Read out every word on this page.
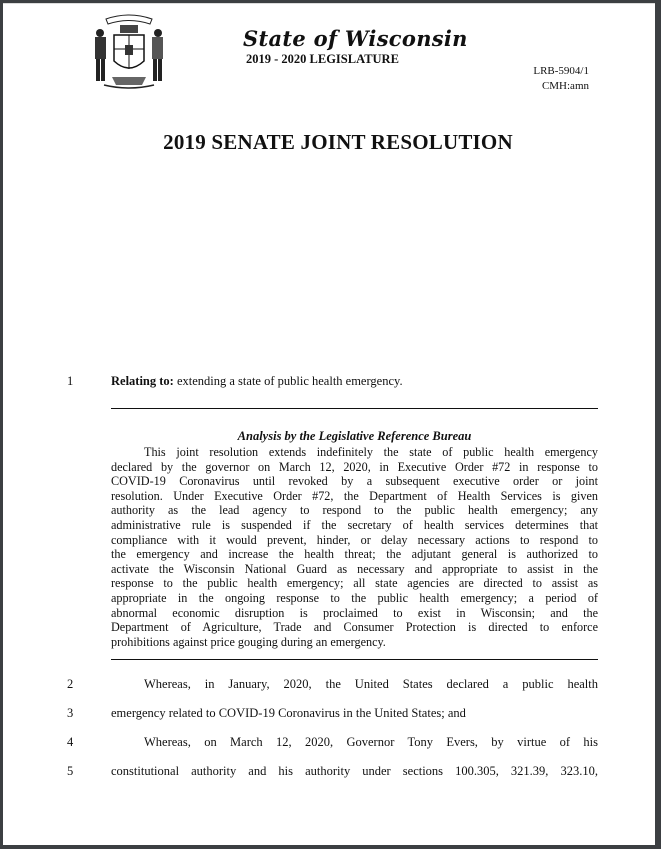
State of Wisconsin
2019 - 2020 LEGISLATURE
LRB-5904/1
CMH:amn
2019 SENATE JOINT RESOLUTION
1	Relating to: extending a state of public health emergency.
Analysis by the Legislative Reference Bureau
This joint resolution extends indefinitely the state of public health emergency
declared by the governor on March 12, 2020, in Executive Order #72 in response to
COVID-19 Coronavirus until revoked by a subsequent executive order or joint
resolution. Under Executive Order #72, the Department of Health Services is given
authority as the lead agency to respond to the public health emergency; any
administrative rule is suspended if the secretary of health services determines that
compliance with it would prevent, hinder, or delay necessary actions to respond to
the emergency and increase the health threat; the adjutant general is authorized to
activate the Wisconsin National Guard as necessary and appropriate to assist in the
response to the public health emergency; all state agencies are directed to assist as
appropriate in the ongoing response to the public health emergency; a period of
abnormal economic disruption is proclaimed to exist in Wisconsin; and the
Department of Agriculture, Trade and Consumer Protection is directed to enforce
prohibitions against price gouging during an emergency.
2	Whereas, in January, 2020, the United States declared a public health
3	emergency related to COVID-19 Coronavirus in the United States; and
4	Whereas, on March 12, 2020, Governor Tony Evers, by virtue of his
5	constitutional authority and his authority under sections 100.305, 321.39, 323.10,
